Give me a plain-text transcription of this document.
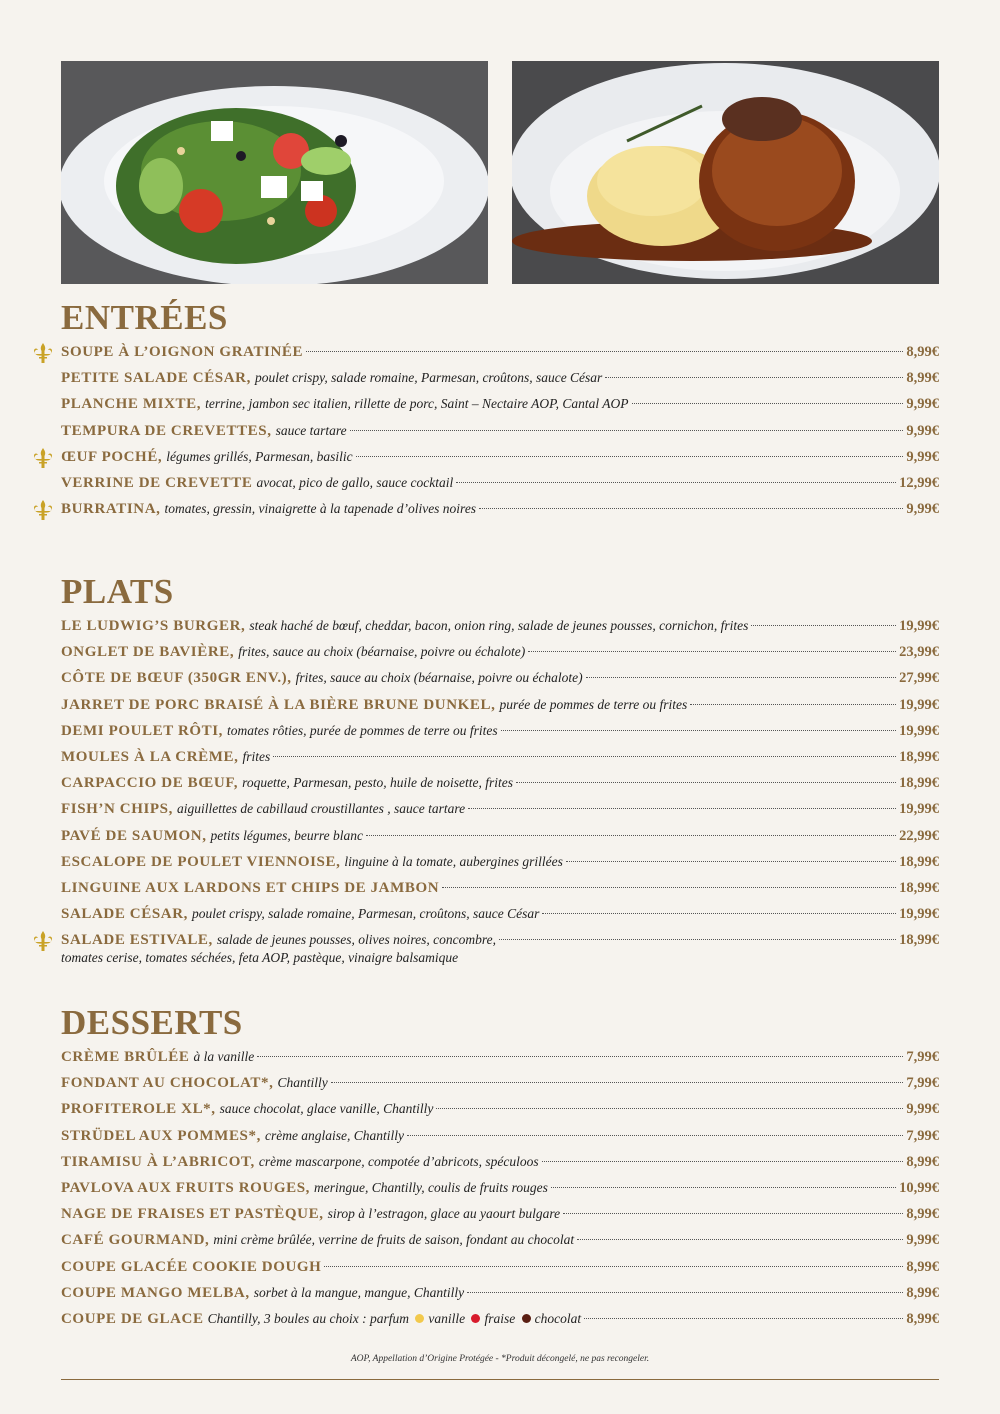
ENTRÉES
SOUPE À L’OIGNON GRATINÉE	8,99€
PETITE SALADE CÉSAR, poulet crispy, salade romaine, Parmesan, croûtons, sauce César	8,99€
PLANCHE MIXTE, terrine, jambon sec italien, rillette de porc, Saint – Nectaire AOP, Cantal AOP	9,99€
TEMPURA DE CREVETTES, sauce tartare	9,99€
ŒUF POCHÉ, légumes grillés, Parmesan, basilic	9,99€
VERRINE DE CREVETTE avocat, pico de gallo, sauce cocktail	12,99€
BURRATINA, tomates, gressin, vinaigrette à la tapenade d’olives noires	9,99€
PLATS
LE LUDWIG’S BURGER, steak haché de bœuf, cheddar, bacon, onion ring, salade de jeunes pousses, cornichon, frites	19,99€
ONGLET DE BAVIÈRE, frites, sauce au choix (béarnaise, poivre ou échalote)	23,99€
CÔTE DE BŒUF (350GR ENV.), frites, sauce au choix (béarnaise, poivre ou échalote)	27,99€
JARRET DE PORC BRAISÉ À LA BIÈRE BRUNE DUNKEL, purée de pommes de terre ou frites	19,99€
DEMI POULET RÔTI, tomates rôties, purée de pommes de terre ou frites	19,99€
MOULES À LA CRÈME, frites	18,99€
CARPACCIO DE BŒUF, roquette, Parmesan, pesto, huile de noisette, frites	18,99€
FISH’N CHIPS, aiguillettes de cabillaud croustillantes , sauce tartare	19,99€
PAVÉ DE SAUMON, petits légumes, beurre blanc	22,99€
ESCALOPE DE POULET VIENNOISE, linguine à la tomate, aubergines grillées	18,99€
LINGUINE AUX LARDONS ET CHIPS DE JAMBON	18,99€
SALADE CÉSAR, poulet crispy, salade romaine, Parmesan, croûtons, sauce César	19,99€
SALADE ESTIVALE, salade de jeunes pousses, olives noires, concombre,	18,99€
tomates cerise, tomates séchées, feta AOP, pastèque, vinaigre balsamique
DESSERTS
CRÈME BRÛLÉE à la vanille	7,99€
FONDANT AU CHOCOLAT*, Chantilly	7,99€
PROFITEROLE XL*, sauce chocolat, glace vanille, Chantilly	9,99€
STRÜDEL AUX POMMES*, crème anglaise, Chantilly	7,99€
TIRAMISU À L’ABRICOT, crème mascarpone, compotée d’abricots, spéculoos	8,99€
PAVLOVA AUX FRUITS ROUGES, meringue, Chantilly, coulis de fruits rouges	10,99€
NAGE DE FRAISES ET PASTÈQUE, sirop à l’estragon, glace au yaourt bulgare	8,99€
CAFÉ GOURMAND, mini crème brûlée, verrine de fruits de saison, fondant au chocolat	9,99€
COUPE GLACÉE COOKIE DOUGH	8,99€
COUPE MANGO MELBA, sorbet à la mangue, mangue, Chantilly	8,99€
COUPE DE GLACE Chantilly, 3 boules au choix : parfum vanille fraise chocolat	8,99€
AOP, Appellation d’Origine Protégée - *Produit décongelé, ne pas recongeler.
